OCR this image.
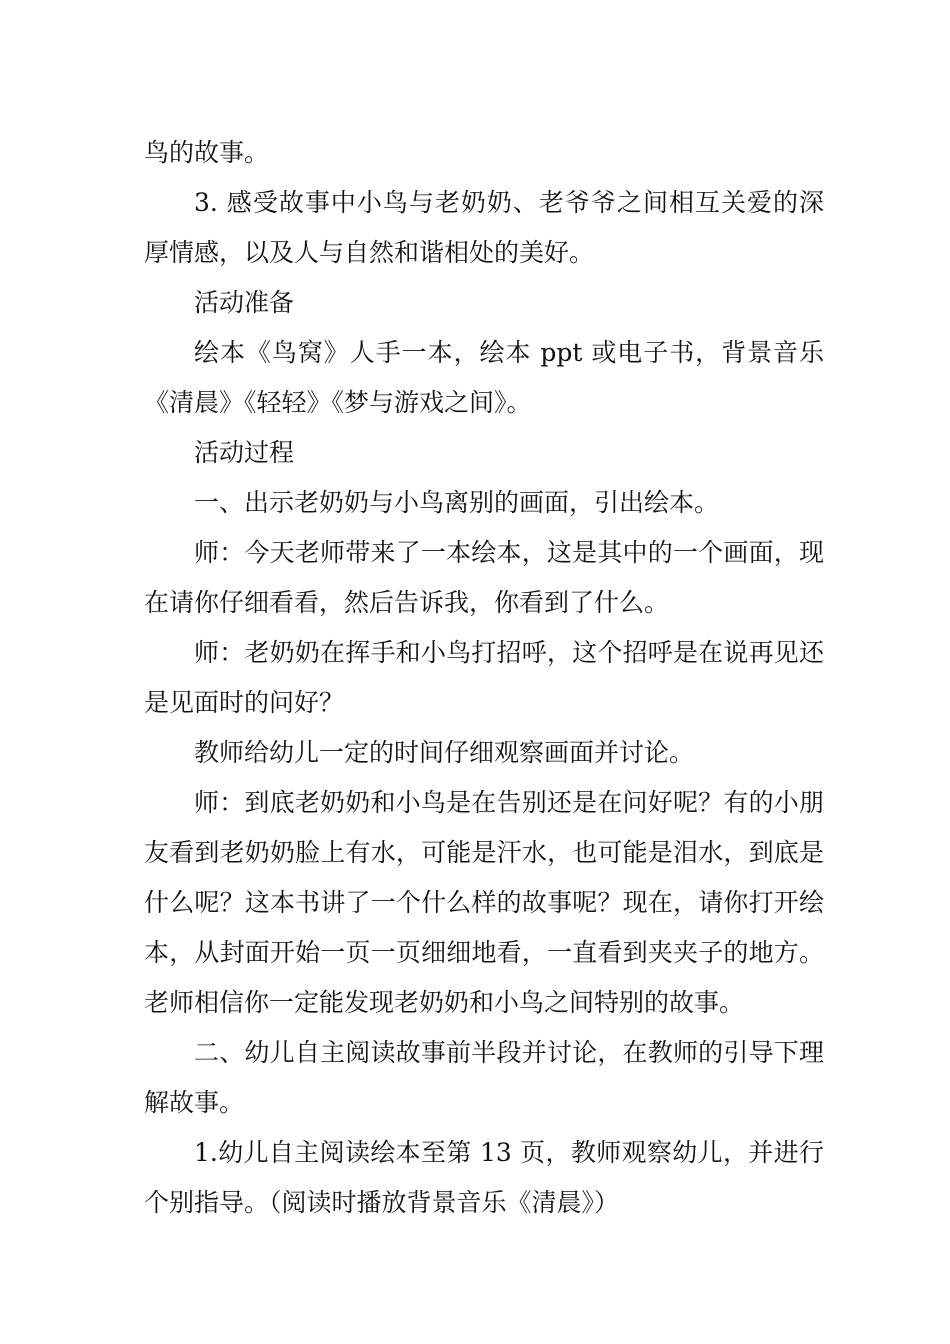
鸟的故事。

3. 感受故事中小鸟与老奶奶、老爷爷之间相互关爱的深厚情感，以及人与自然和谐相处的美好。

活动准备

绘本《鸟窝》人手一本，绘本 ppt 或电子书，背景音乐《清晨》《轻轻》《梦与游戏之间》。

活动过程

一、出示老奶奶与小鸟离别的画面，引出绘本。

师：今天老师带来了一本绘本，这是其中的一个画面，现在请你仔细看看，然后告诉我，你看到了什么。

师：老奶奶在挥手和小鸟打招呼，这个招呼是在说再见还是见面时的问好？

教师给幼儿一定的时间仔细观察画面并讨论。

师：到底老奶奶和小鸟是在告别还是在问好呢？有的小朋友看到老奶奶脸上有水，可能是汗水，也可能是泪水，到底是什么呢？这本书讲了一个什么样的故事呢？现在，请你打开绘本，从封面开始一页一页细细地看，一直看到夹夹子的地方。老师相信你一定能发现老奶奶和小鸟之间特别的故事。

二、幼儿自主阅读故事前半段并讨论，在教师的引导下理解故事。

1.幼儿自主阅读绘本至第 13 页，教师观察幼儿，并进行个别指导。（阅读时播放背景音乐《清晨》）
